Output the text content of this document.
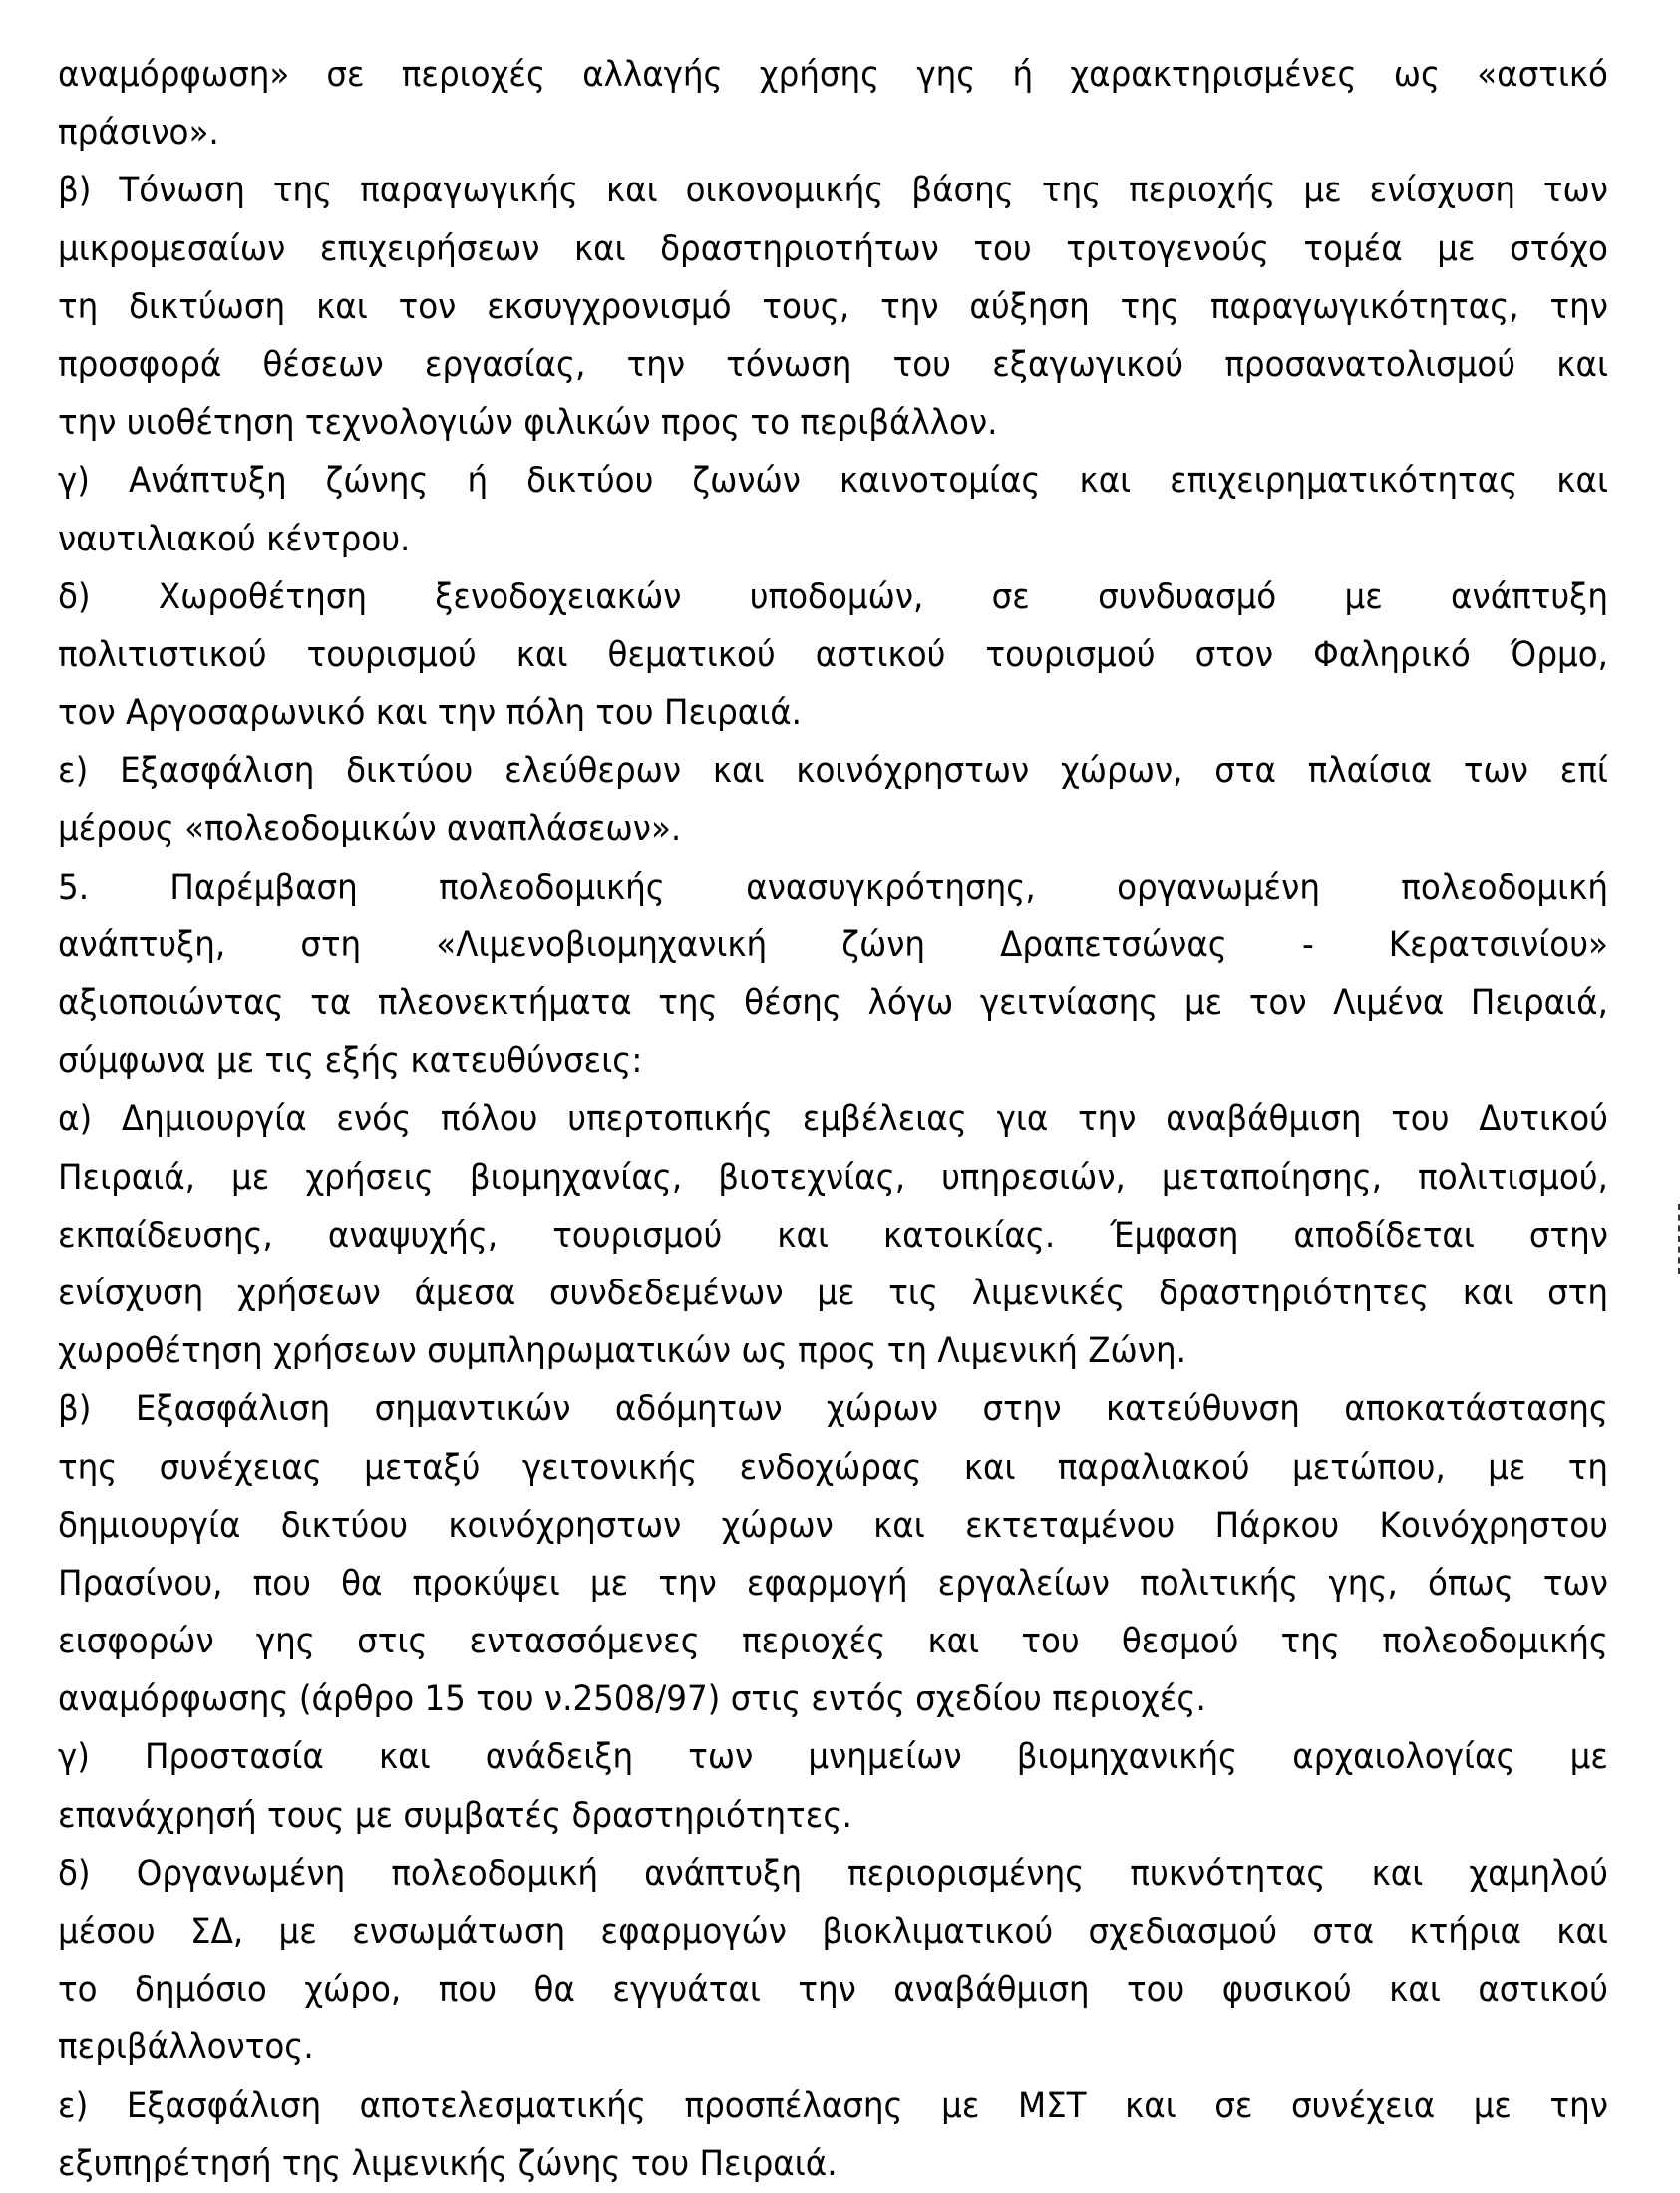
αναμόρφωση» σε περιοχές αλλαγής χρήσης γης ή χαρακτηρισμένες ως «αστικό
πράσινο».
β) Τόνωση της παραγωγικής και οικονομικής βάσης της περιοχής με ενίσχυση των
μικρομεσαίων επιχειρήσεων και δραστηριοτήτων του τριτογενούς τομέα με στόχο
τη δικτύωση και τον εκσυγχρονισμό τους, την αύξηση της παραγωγικότητας, την
προσφορά θέσεων εργασίας, την τόνωση του εξαγωγικού προσανατολισμού και
την υιοθέτηση τεχνολογιών φιλικών προς το περιβάλλον.
γ) Ανάπτυξη ζώνης ή δικτύου ζωνών καινοτομίας και επιχειρηματικότητας και
ναυτιλιακού κέντρου.
δ) Χωροθέτηση ξενοδοχειακών υποδομών, σε συνδυασμό με ανάπτυξη
πολιτιστικού τουρισμού και θεματικού αστικού τουρισμού στον Φαληρικό Όρμο,
τον Αργοσαρωνικό και την πόλη του Πειραιά.
ε) Εξασφάλιση δικτύου ελεύθερων και κοινόχρηστων χώρων, στα πλαίσια των επί
μέρους «πολεοδομικών αναπλάσεων».
5. Παρέμβαση πολεοδομικής ανασυγκρότησης, οργανωμένη πολεοδομική
ανάπτυξη, στη «Λιμενοβιομηχανική ζώνη Δραπετσώνας - Κερατσινίου»
αξιοποιώντας τα πλεονεκτήματα της θέσης λόγω γειτνίασης με τον Λιμένα Πειραιά,
σύμφωνα με τις εξής κατευθύνσεις:
α) Δημιουργία ενός πόλου υπερτοπικής εμβέλειας για την αναβάθμιση του Δυτικού
Πειραιά, με χρήσεις βιομηχανίας, βιοτεχνίας, υπηρεσιών, μεταποίησης, πολιτισμού,
εκπαίδευσης, αναψυχής, τουρισμού και κατοικίας. Έμφαση αποδίδεται στην
ενίσχυση χρήσεων άμεσα συνδεδεμένων με τις λιμενικές δραστηριότητες και στη
χωροθέτηση χρήσεων συμπληρωματικών ως προς τη Λιμενική Ζώνη.
β) Εξασφάλιση σημαντικών αδόμητων χώρων στην κατεύθυνση αποκατάστασης
της συνέχειας μεταξύ γειτονικής ενδοχώρας και παραλιακού μετώπου, με τη
δημιουργία δικτύου κοινόχρηστων χώρων και εκτεταμένου Πάρκου Κοινόχρηστου
Πρασίνου, που θα προκύψει με την εφαρμογή εργαλείων πολιτικής γης, όπως των
εισφορών γης στις εντασσόμενες περιοχές και του θεσμού της πολεοδομικής
αναμόρφωσης (άρθρο 15 του ν.2508/97) στις εντός σχεδίου περιοχές.
γ) Προστασία και ανάδειξη των μνημείων βιομηχανικής αρχαιολογίας με
επανάχρησή τους με συμβατές δραστηριότητες.
δ) Οργανωμένη πολεοδομική ανάπτυξη περιορισμένης πυκνότητας και χαμηλού
μέσου ΣΔ, με ενσωμάτωση εφαρμογών βιοκλιματικού σχεδιασμού στα κτήρια και
το δημόσιο χώρο, που θα εγγυάται την αναβάθμιση του φυσικού και αστικού
περιβάλλοντος.
ε) Εξασφάλιση αποτελεσματικής προσπέλασης με ΜΣΤ και σε συνέχεια με την
εξυπηρέτησή της λιμενικής ζώνης του Πειραιά.
